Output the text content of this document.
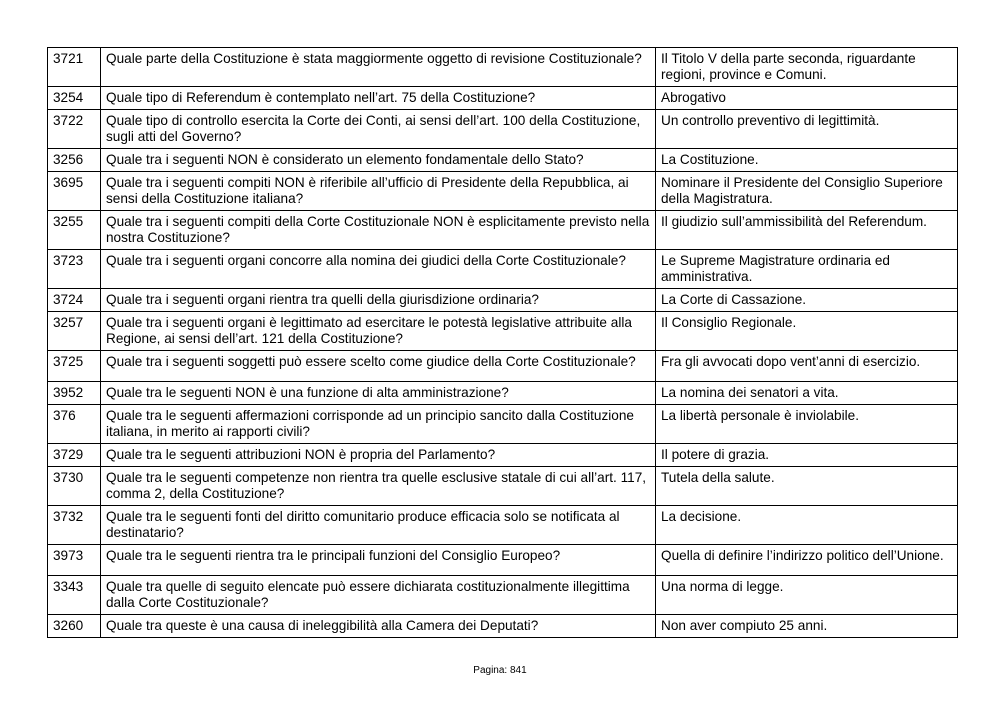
3721	Quale parte della Costituzione è stata maggiormente oggetto di revisione Costituzionale?	Il Titolo V della parte seconda, riguardante regioni, province e Comuni.
3254	Quale tipo di Referendum è contemplato nell’art. 75 della Costituzione?	Abrogativo
3722	Quale tipo di controllo esercita la Corte dei Conti, ai sensi dell’art. 100 della Costituzione, sugli atti del Governo?	Un controllo preventivo di legittimità.
3256	Quale tra i seguenti NON è considerato un elemento fondamentale dello Stato?	La Costituzione.
3695	Quale tra i seguenti compiti NON è riferibile all’ufficio di Presidente della Repubblica, ai sensi della Costituzione italiana?	Nominare il Presidente del Consiglio Superiore della Magistratura.
3255	Quale tra i seguenti compiti della Corte Costituzionale NON è esplicitamente previsto nella nostra Costituzione?	Il giudizio sull’ammissibilità del Referendum.
3723	Quale tra i seguenti organi concorre alla nomina dei giudici della Corte Costituzionale?	Le Supreme Magistrature ordinaria ed amministrativa.
3724	Quale tra i seguenti organi rientra tra quelli della giurisdizione ordinaria?	La Corte di Cassazione.
3257	Quale tra i seguenti organi è legittimato ad esercitare le potestà legislative attribuite alla Regione, ai sensi dell’art. 121 della Costituzione?	Il Consiglio Regionale.
3725	Quale tra i seguenti soggetti può essere scelto come giudice della Corte Costituzionale?	Fra gli avvocati dopo vent’anni di esercizio.
3952	Quale tra le seguenti NON è una funzione di alta amministrazione?	La nomina dei senatori a vita.
376	Quale tra le seguenti affermazioni corrisponde ad un principio sancito dalla Costituzione italiana, in merito ai rapporti civili?	La libertà personale è inviolabile.
3729	Quale tra le seguenti attribuzioni NON è propria del Parlamento?	Il potere di grazia.
3730	Quale tra le seguenti competenze non rientra tra quelle esclusive statale di cui all’art. 117, comma 2, della Costituzione?	Tutela della salute.
3732	Quale tra le seguenti fonti del diritto comunitario produce efficacia solo se notificata al destinatario?	La decisione.
3973	Quale tra le seguenti rientra tra le principali funzioni del Consiglio Europeo?	Quella di definire l’indirizzo politico dell’Unione.
3343	Quale tra quelle di seguito elencate può essere dichiarata costituzionalmente illegittima dalla Corte Costituzionale?	Una norma di legge.
3260	Quale tra queste è una causa di ineleggibilità alla Camera dei Deputati?	Non aver compiuto 25 anni.
Pagina: 841
